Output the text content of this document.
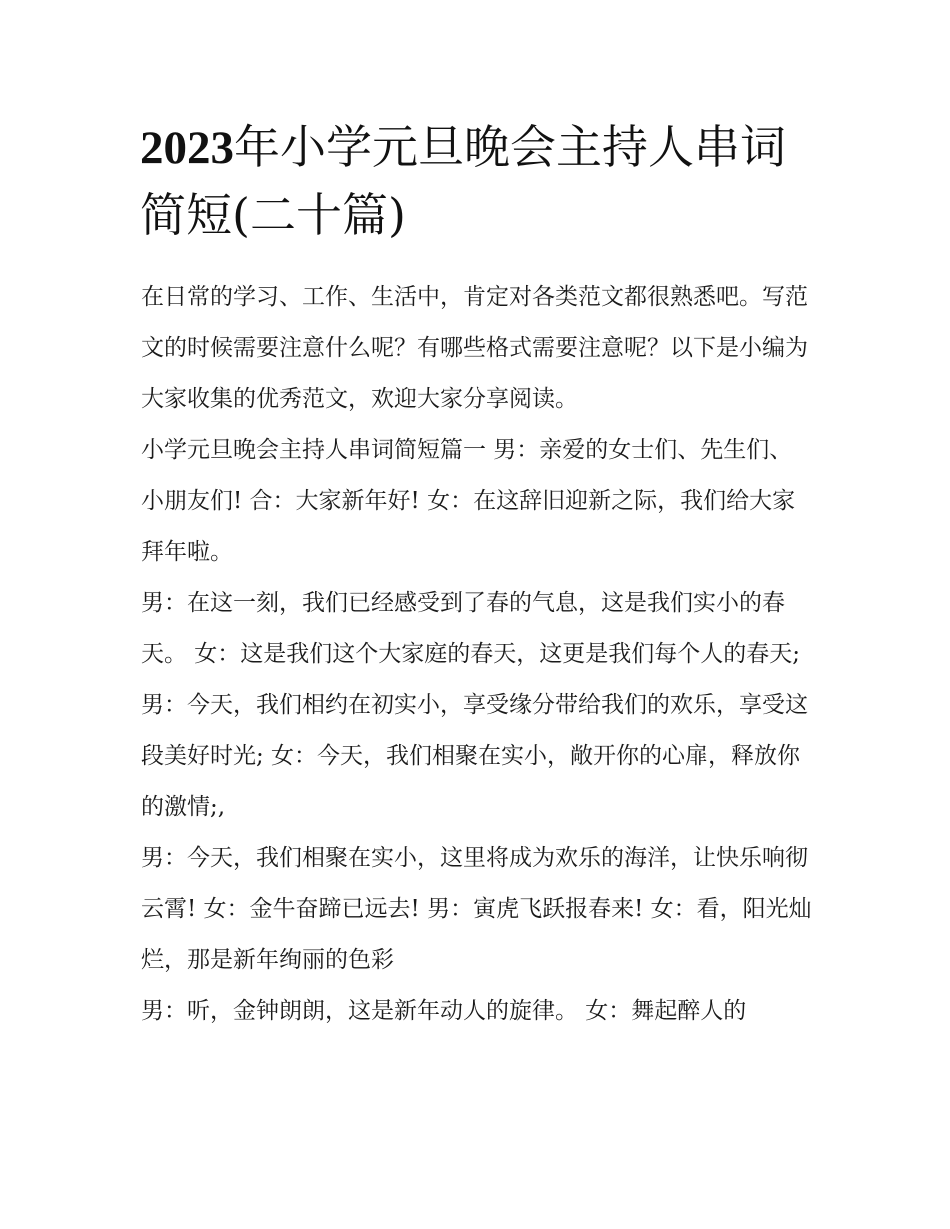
2023年小学元旦晚会主持人串词简短(二十篇)

在日常的学习、工作、生活中，肯定对各类范文都很熟悉吧。写范文的时候需要注意什么呢？有哪些格式需要注意呢？以下是小编为大家收集的优秀范文，欢迎大家分享阅读。

小学元旦晚会主持人串词简短篇一 男：亲爱的女士们、先生们、小朋友们! 合：大家新年好! 女：在这辞旧迎新之际，我们给大家拜年啦。

男：在这一刻，我们已经感受到了春的气息，这是我们实小的春天。 女：这是我们这个大家庭的春天，这更是我们每个人的春天;

男：今天，我们相约在初实小，享受缘分带给我们的欢乐，享受这段美好时光; 女：今天，我们相聚在实小，敞开你的心扉，释放你的激情;,

男：今天，我们相聚在实小，这里将成为欢乐的海洋，让快乐响彻云霄! 女：金牛奋蹄已远去! 男：寅虎飞跃报春来! 女：看，阳光灿烂，那是新年绚丽的色彩

男：听，金钟朗朗，这是新年动人的旋律。 女：舞起醉人的
